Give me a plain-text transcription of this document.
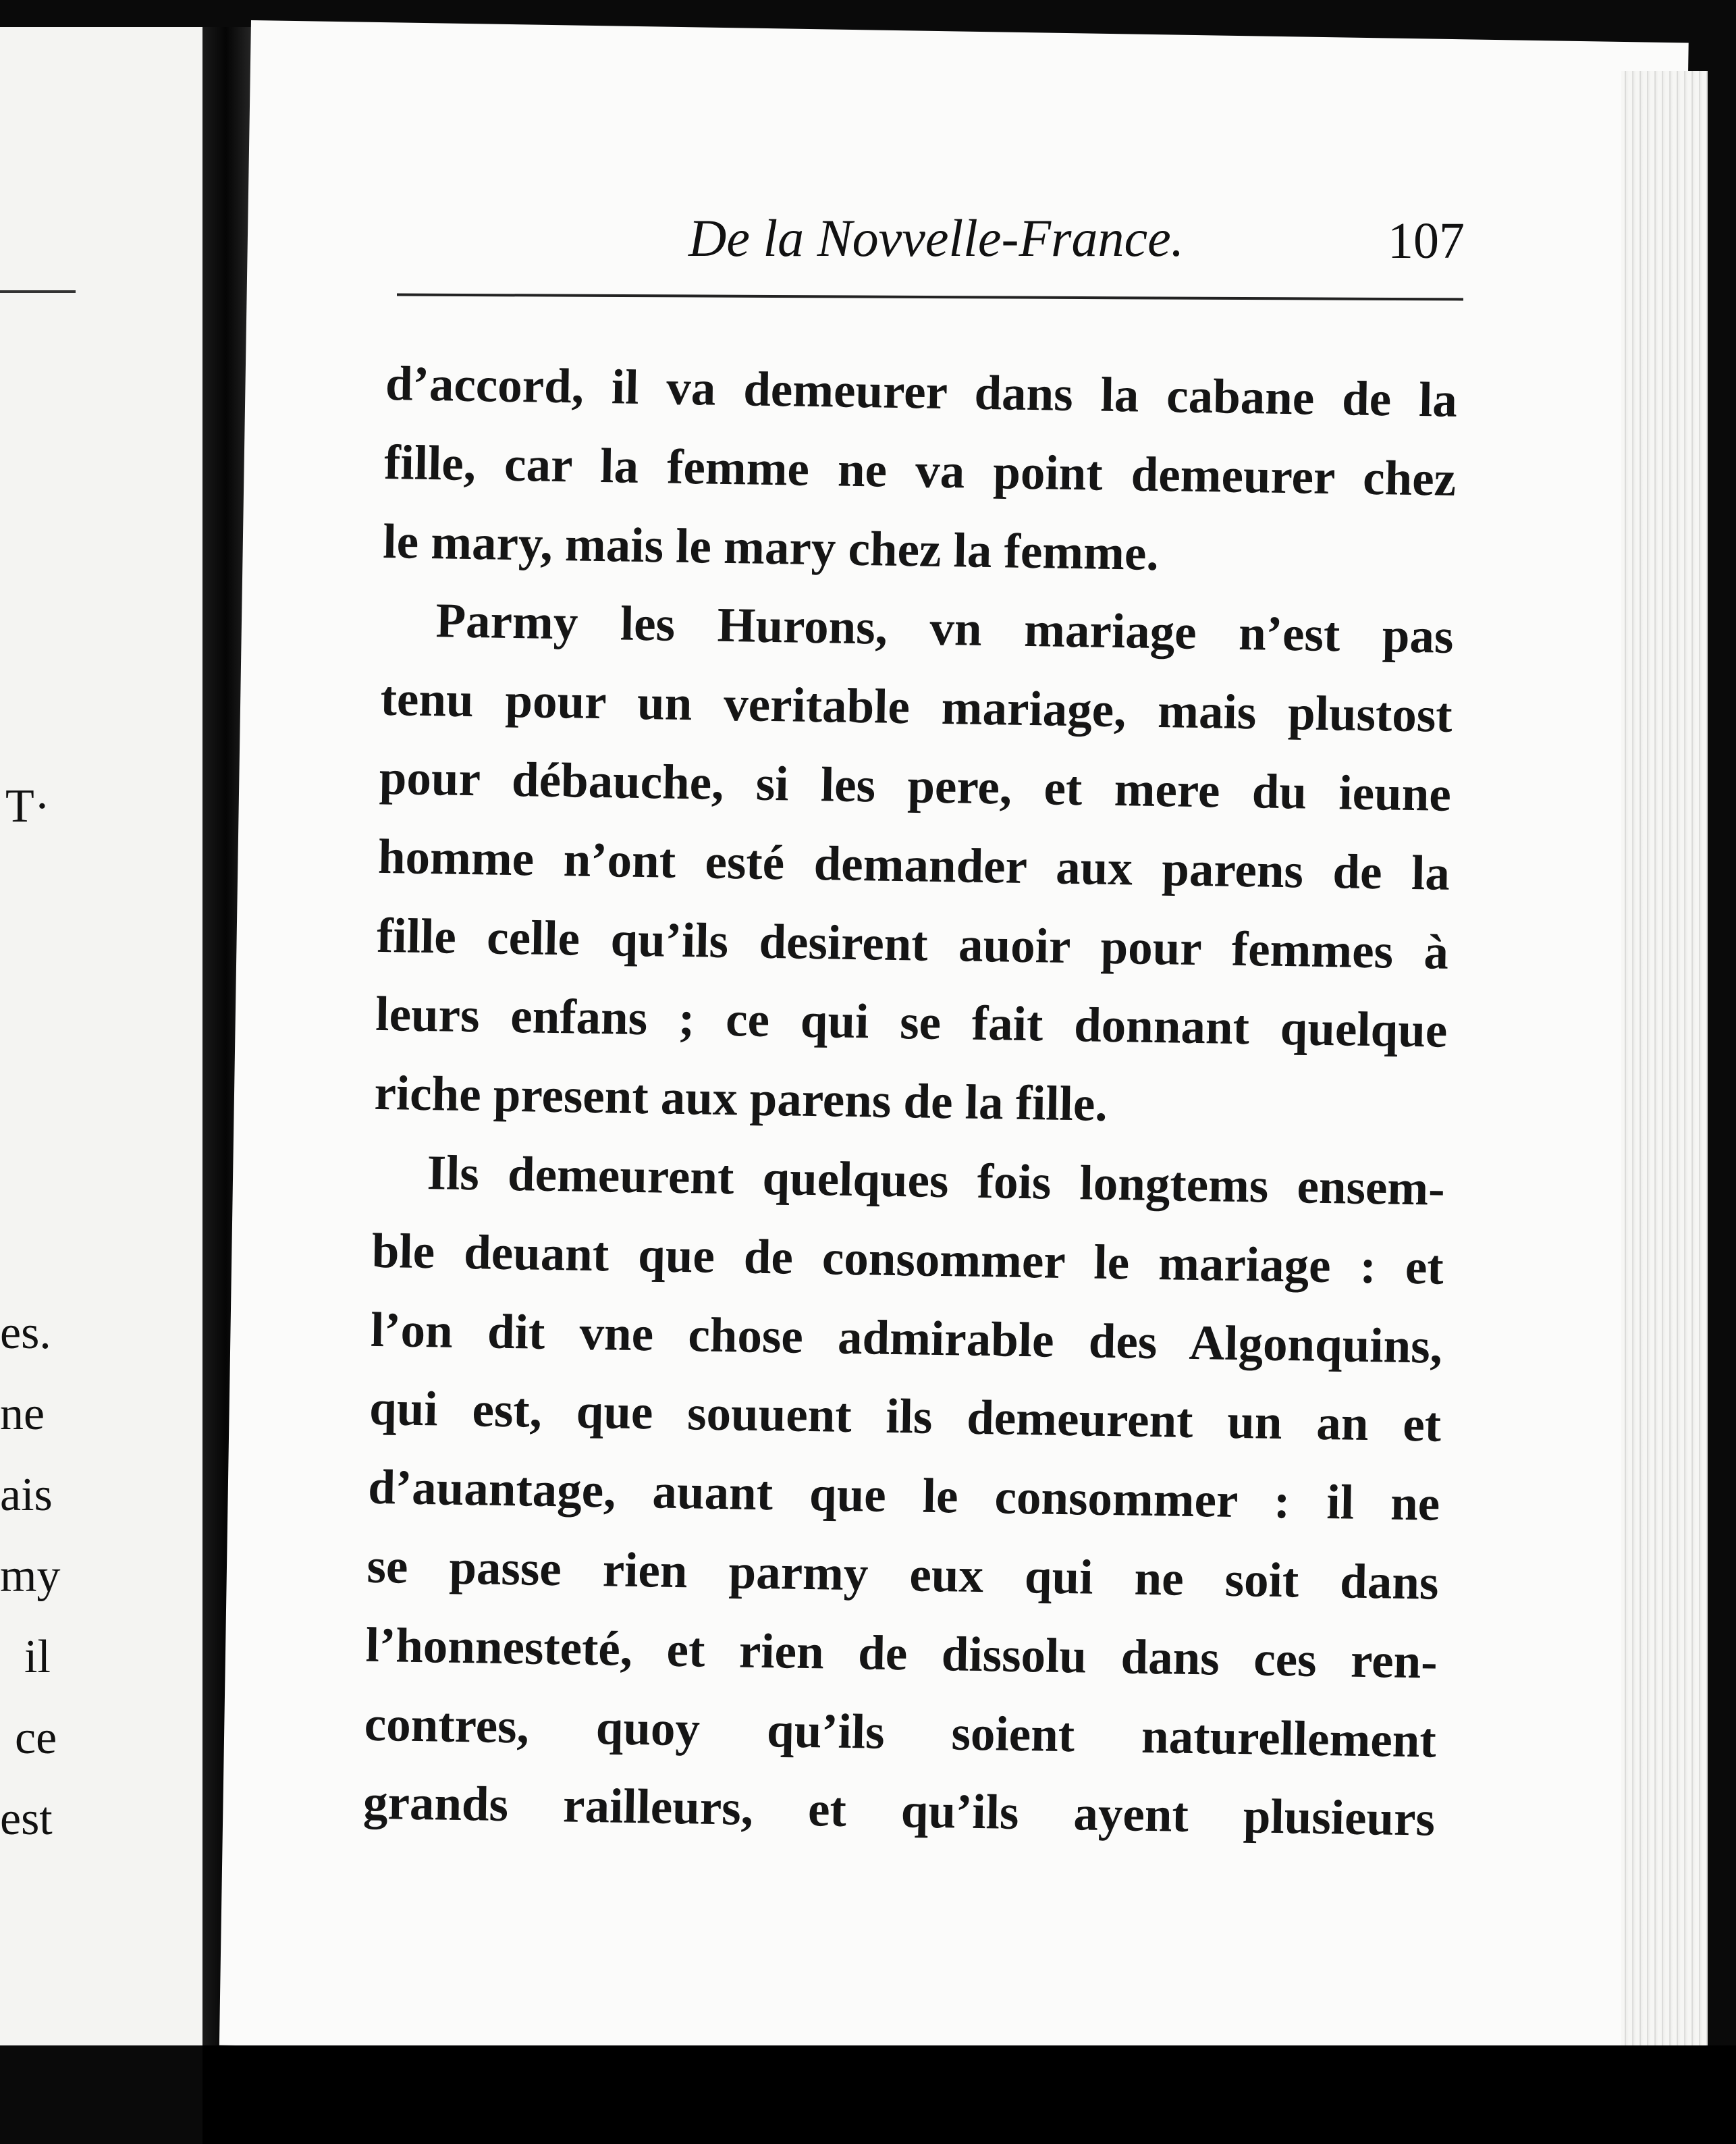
T·
es.
ne
ais
my
il
ce
est
De la Novvelle-France.	107
d’accord, il va demeurer dans la cabane de la
fille, car la femme ne va point demeurer chez
le mary, mais le mary chez la femme.
Parmy les Hurons, vn mariage n’est pas
tenu pour un veritable mariage, mais plustost
pour débauche, si les pere, et mere du ieune
homme n’ont esté demander aux parens de la
fille celle qu’ils desirent auoir pour femmes à
leurs enfans ; ce qui se fait donnant quelque
riche present aux parens de la fille.
Ils demeurent quelques fois longtems ensem-
ble deuant que de consommer le mariage : et
l’on dit vne chose admirable des Algonquins,
qui est, que souuent ils demeurent un an et
d’auantage, auant que le consommer : il ne
se passe rien parmy eux qui ne soit dans
l’honnesteté, et rien de dissolu dans ces ren-
contres, quoy qu’ils soient naturellement
grands railleurs, et qu’ils ayent plusieurs
